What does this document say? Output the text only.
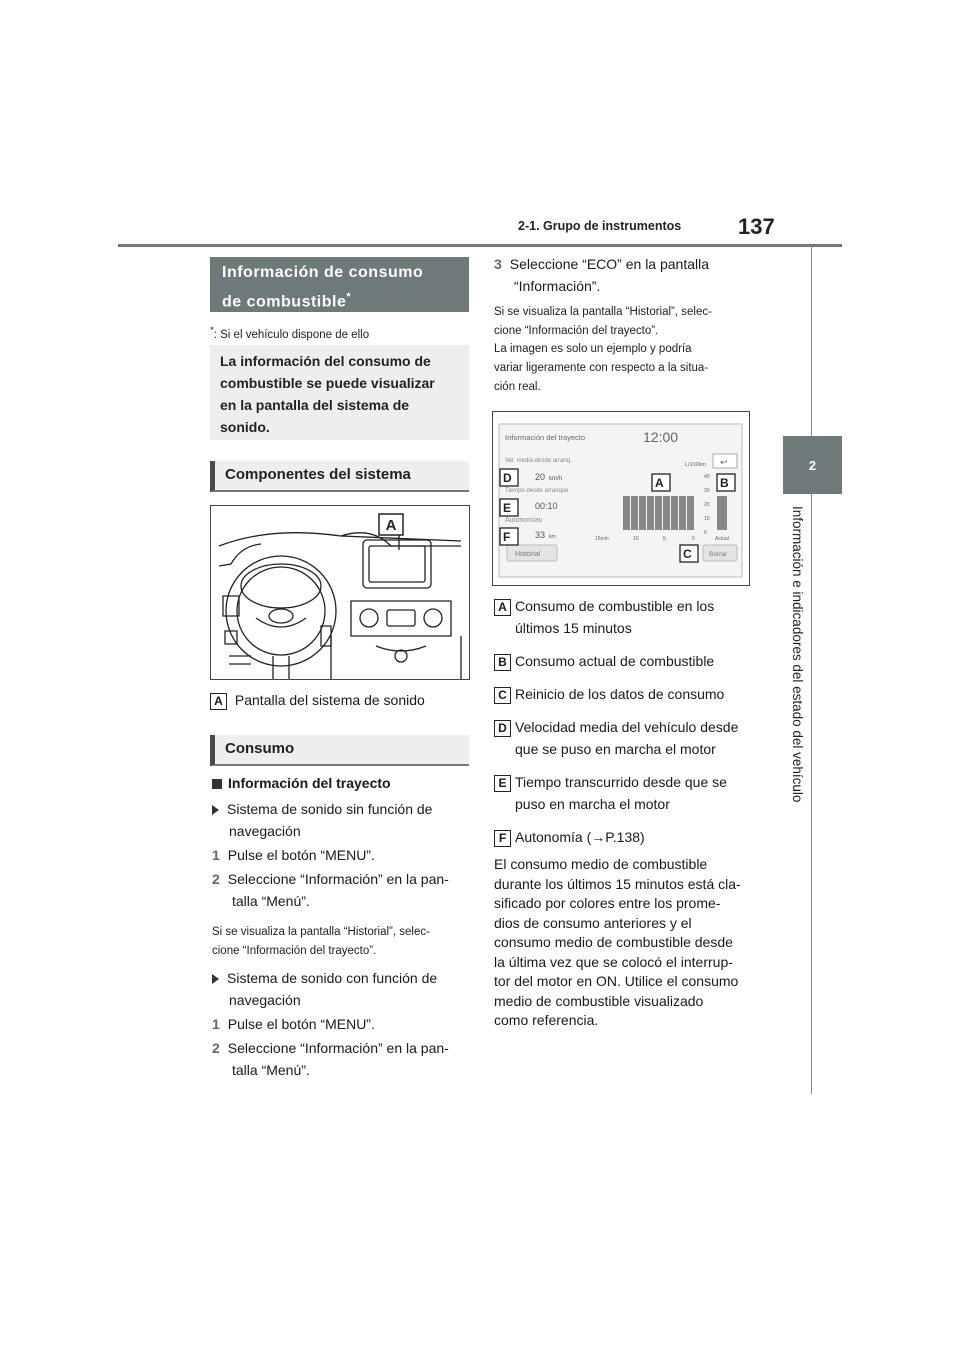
2-1. Grupo de instrumentos	137
2
Información e indicadores del estado del vehículo
Información de consumo
de combustible*
*: Si el vehículo dispone de ello
La información del consumo de
combustible se puede visualizar
en la pantalla del sistema de
sonido.
Componentes del sistema
A
A Pantalla del sistema de sonido
Consumo
Información del trayecto
Sistema de sonido sin función de
navegación
1 Pulse el botón “MENU”.
2 Seleccione “Información” en la pan-
talla “Menú”.
Si se visualiza la pantalla “Historial”, selec-
cione “Información del trayecto”.
Sistema de sonido con función de
navegación
1 Pulse el botón “MENU”.
2 Seleccione “Información” en la pan-
talla “Menú”.
3 Seleccione “ECO” en la pantalla
“Información”.
Si se visualiza la pantalla “Historial”, selec-
cione “Información del trayecto”.
La imagen es solo un ejemplo y podría
variar ligeramente con respecto a la situa-
ción real.
Información del trayecto	12:00
Vel. media desde arranq.
20 km/h
Tiempo desde arranque
00:10
Autonomíav
33 km
L/100km ↩
40
30
20
10
0
15min	10	5	0	Actual
Historial	Borrar
D
E
F
A	B
C
A Consumo de combustible en los
últimos 15 minutos
B Consumo actual de combustible
C Reinicio de los datos de consumo
D Velocidad media del vehículo desde
que se puso en marcha el motor
E Tiempo transcurrido desde que se
puso en marcha el motor
F Autonomía (→P.138)
El consumo medio de combustible
durante los últimos 15 minutos está cla-
sificado por colores entre los prome-
dios de consumo anteriores y el
consumo medio de combustible desde
la última vez que se colocó el interrup-
tor del motor en ON. Utilice el consumo
medio de combustible visualizado
como referencia.
